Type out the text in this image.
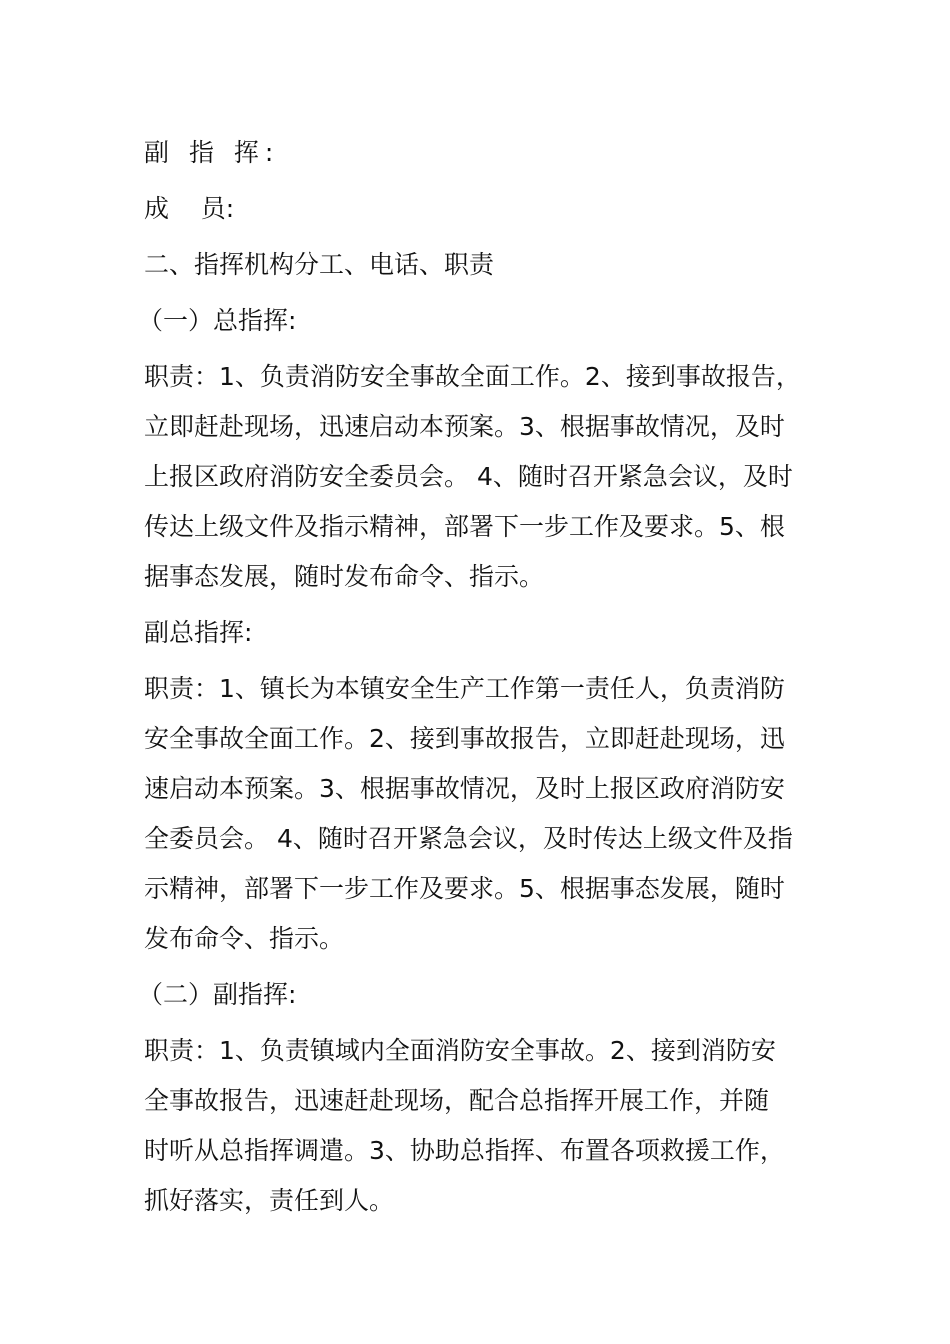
副 指 挥:
成    员:
二、指挥机构分工、电话、职责
（一）总指挥:
职责：1、负责消防安全事故全面工作。2、接到事故报告，
立即赶赴现场，迅速启动本预案。3、根据事故情况，及时
上报区政府消防安全委员会。 4、随时召开紧急会议，及时
传达上级文件及指示精神，部署下一步工作及要求。5、根
据事态发展，随时发布命令、指示。
副总指挥:
职责：1、镇长为本镇安全生产工作第一责任人，负责消防
安全事故全面工作。2、接到事故报告，立即赶赴现场，迅
速启动本预案。3、根据事故情况，及时上报区政府消防安
全委员会。 4、随时召开紧急会议，及时传达上级文件及指
示精神，部署下一步工作及要求。5、根据事态发展，随时
发布命令、指示。
（二）副指挥:
职责：1、负责镇域内全面消防安全事故。2、接到消防安
全事故报告，迅速赶赴现场，配合总指挥开展工作，并随
时听从总指挥调遣。3、协助总指挥、布置各项救援工作，
抓好落实，责任到人。
